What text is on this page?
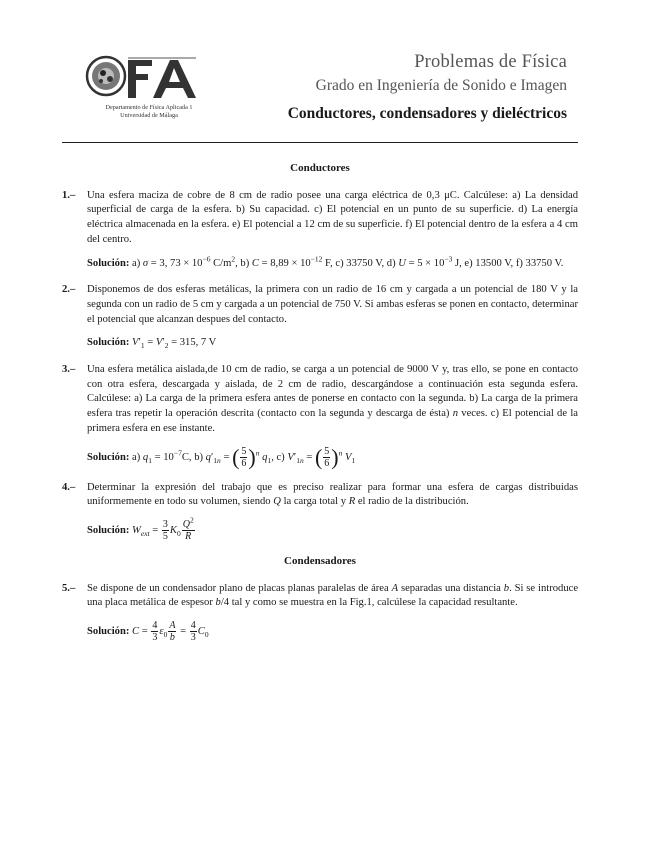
Departamento de Física Aplicada 1
Universidad de Málaga
Problemas de Física
Grado en Ingeniería de Sonido e Imagen
Conductores, condensadores y dieléctricos
Conductores
1.– Una esfera maciza de cobre de 8 cm de radio posee una carga eléctrica de 0,3 μC. Calcúlese: a) La densidad superficial de carga de la esfera. b) Su capacidad. c) El potencial en un punto de su superficie. d) La energía eléctrica almacenada en la esfera. e) El potencial a 12 cm de su superficie. f) El potencial dentro de la esfera a 4 cm del centro.
Solución: a) σ = 3, $73 \times 10^{-6}$ $C/m^2$, b) $C = 8,89 \times 10^{-12}$ F, c) 33750 V, d) $U = 5 \times 10^{-3}$ J, e) 13500 V, f) 33750 V.
2.– Disponemos de dos esferas metálicas, la primera con un radio de 16 cm y cargada a un potencial de 180 V y la segunda con un radio de 5 cm y cargada a un potencial de 750 V. Si ambas esferas se ponen en contacto, determinar el potencial que alcanzan despues del contacto.
Solución: $V'_1 = V'_2 = 315$, 7 V
3.– Una esfera metálica aislada,de 10 cm de radio, se carga a un potencial de 9000 V y, tras ello, se pone en contacto con otra esfera, descargada y aislada, de 2 cm de radio, descargándose a continuación esta segunda esfera. Calcúlese: a) La carga de la primera esfera antes de ponerse en contacto con la segunda. b) La carga de la primera esfera tras repetir la operación descrita (contacto con la segunda y descarga de ésta) n veces. c) El potencial de la primera esfera en ese instante.
Solución: a) $q_1 = 10^{-7}C$, b) $q'_{1n}$ = ( $\frac{5}{6} )^n$ $q_1$, c) $V'_{1n}$ = ( $\frac{5}{6} )^n$ $V_1$
4.– Determinar la expresión del trabajo que es preciso realizar para formar una esfera de cargas distribuidas uniformemente en todo su volumen, siendo Q la carga total y R el radio de la distribución.
Solución: $W_{ext} = \frac{3}{5} K_0 \frac{Q^2}{R}$
Condensadores
5.– Se dispone de un condensador plano de placas planas paralelas de área A separadas una distancia b. Si se introduce una placa metálica de espesor b/4 tal y como se muestra en la Fig.1, calcúlese la capacidad resultante.
Solución: $C = \frac{4}{3} \varepsilon_0 \frac{A}{b} = \frac{4}{3} C_0$
